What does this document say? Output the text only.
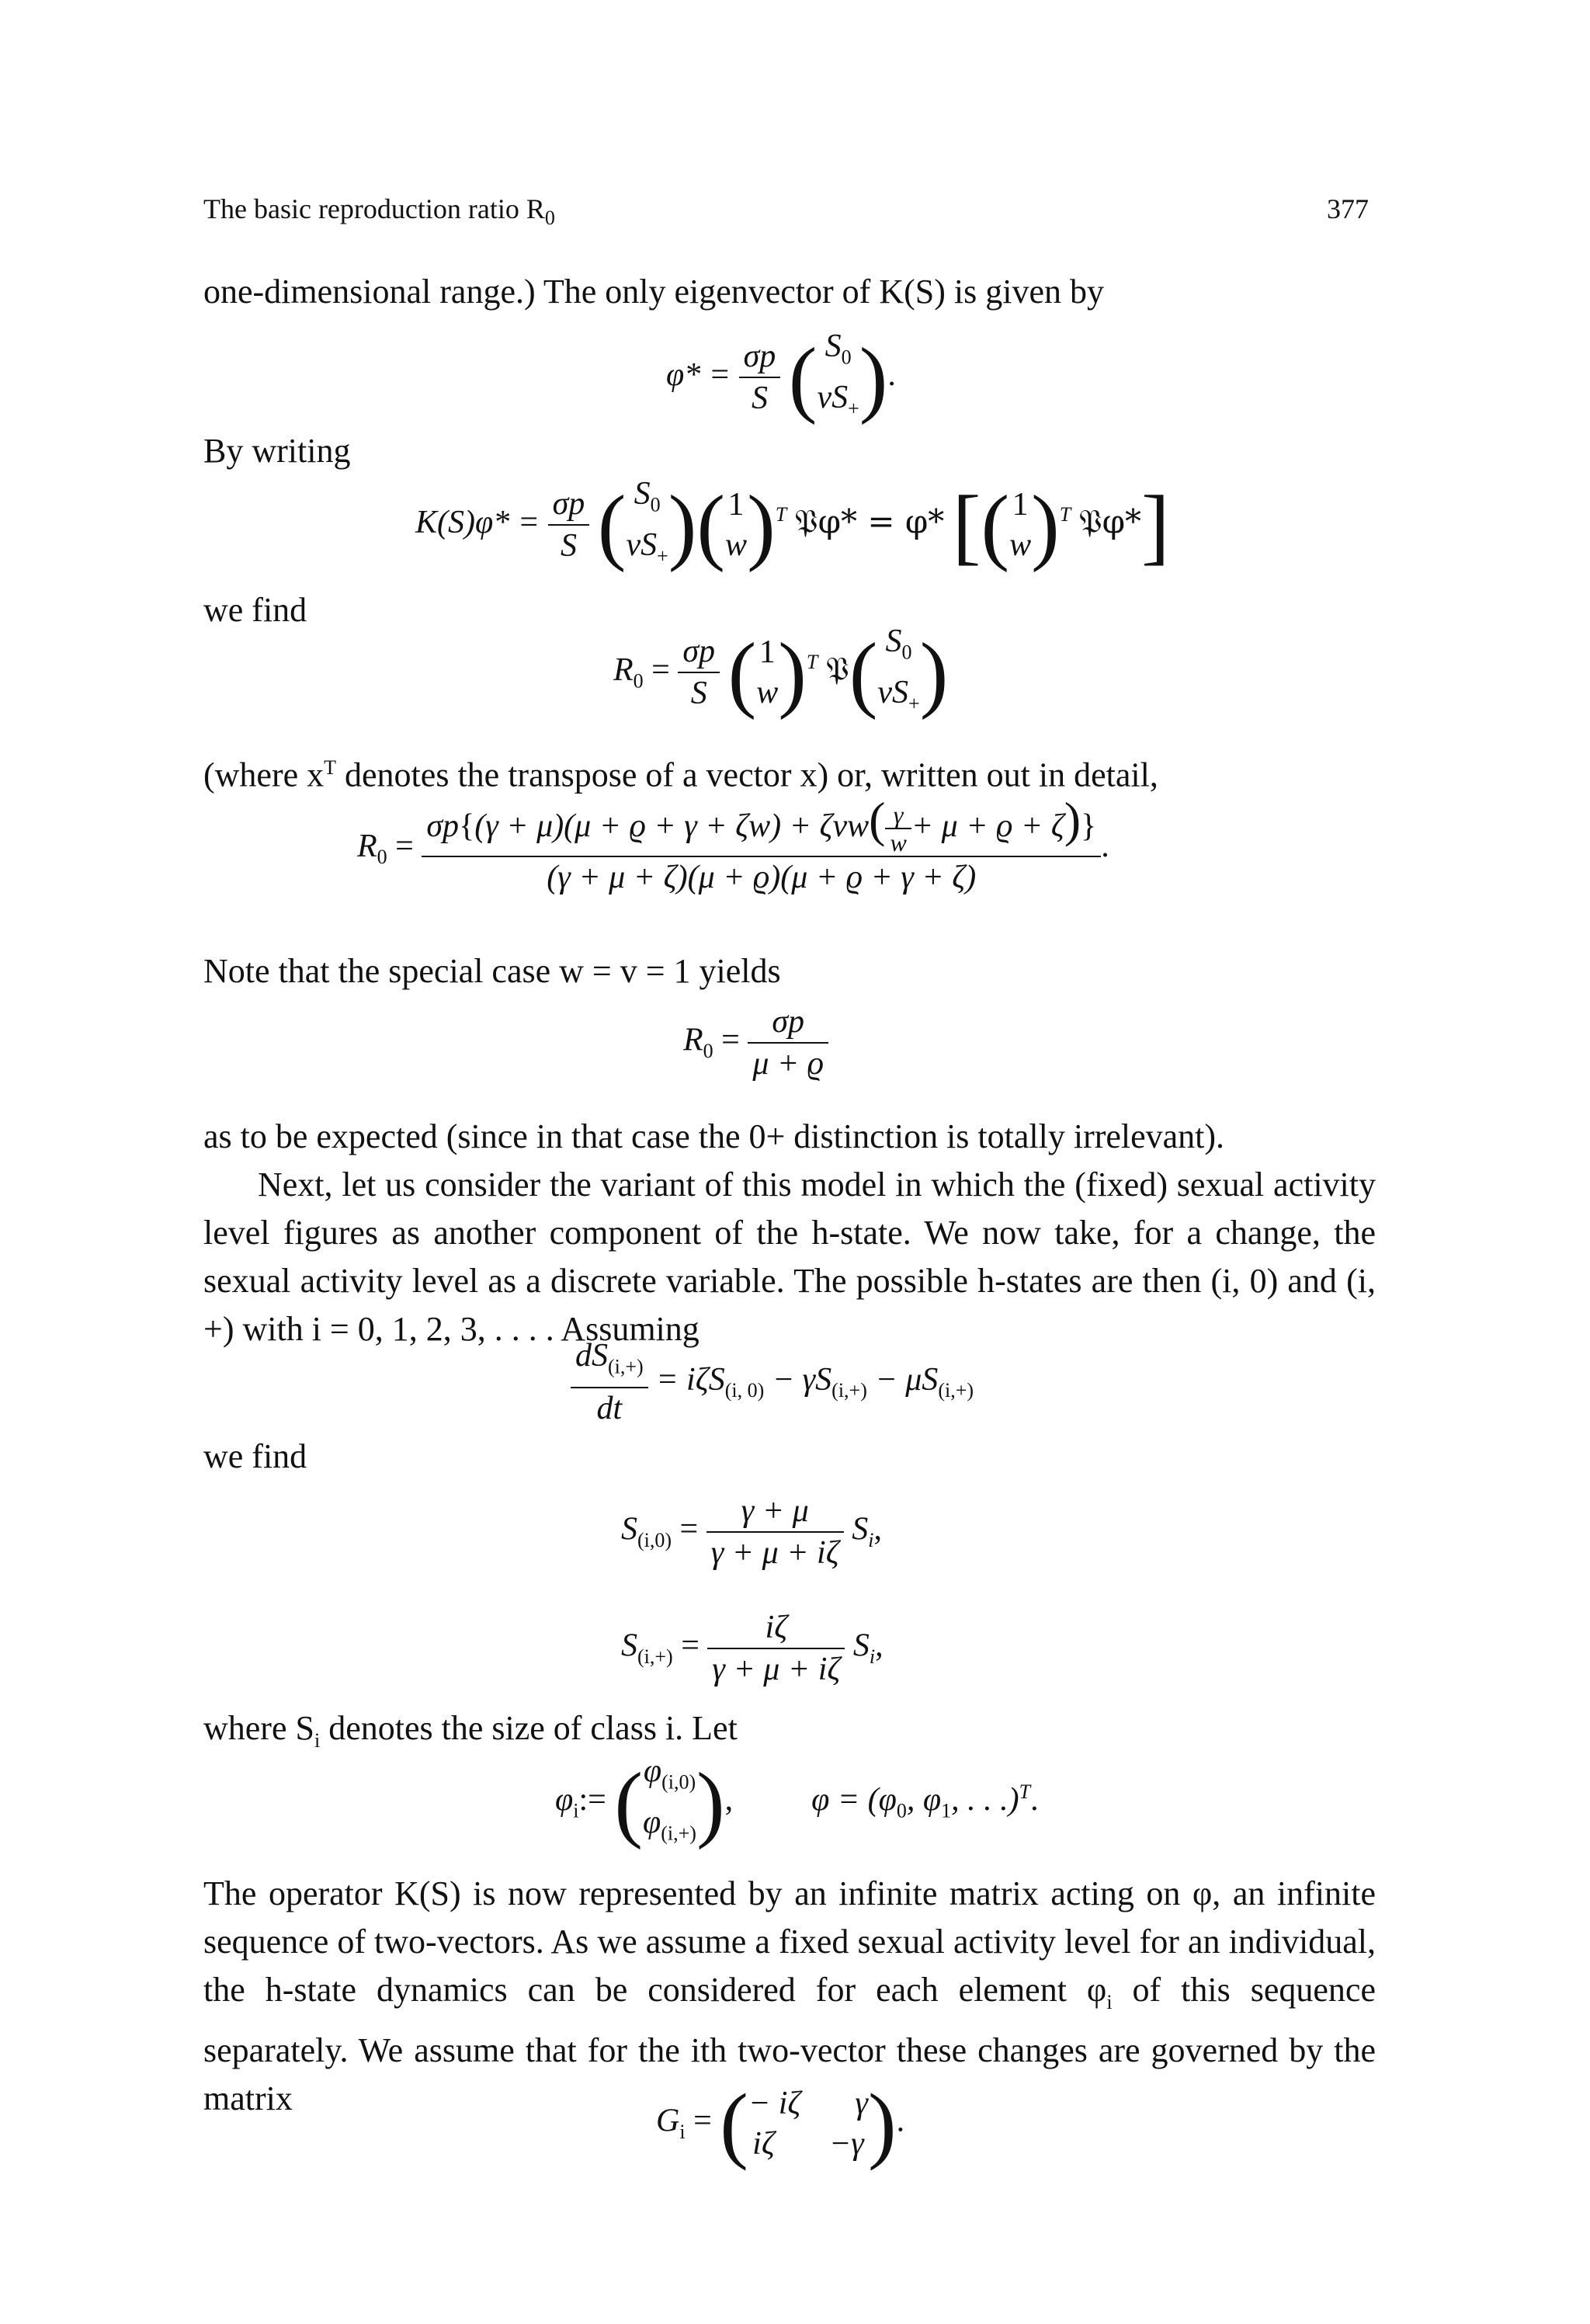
The basic reproduction ratio $R_0$	377

one-dimensional range.) The only eigenvector of K(S) is given by

$\varphi* = \frac{\sigma p}{S}$ ( $S_0$
$vS_+$).
By writing
$K(S)\varphi* = \frac{\sigma p}{S}$ ( $S_0$
$vS_+)(1$
w)$^T$ 𝔓φ* = φ* [(1
w)$^T$ 𝔓φ*]
we find
$R_0 = \frac{\sigma p}{S} (1$
w)$^T$ 𝔓( $S_0$
$vS_+$)

(where $x^T$ denotes the transpose of a vector x) or, written out in detail,

$R_0 = \frac{\sigma p\{(\gamma + \mu)(\mu + ϱ + \gamma + \zeta w) + \zeta vw( \frac{\gamma}{w} + \mu + ϱ + \zeta)\}}{(\gamma + \mu + \zeta)(\mu + ϱ)(\mu + ϱ + \gamma + \zeta)}$ .

Note that the special case w = v = 1 yields

$R_0 = \frac{\sigma p}{\mu + ϱ}$

as to be expected (since in that case the 0+ distinction is totally irrelevant).

Next, let us consider the variant of this model in which the (fixed) sexual activity level figures as another component of the h-state. We now take, for a change, the sexual activity level as a discrete variable. The possible h-states are then (i, 0) and (i, +) with i = 0, 1, 2, 3, . . . . Assuming

$\frac{dS_{(i,+)}}{dt} = i\zeta S_{(i, 0)} - \gamma S_{(i,+)} - \mu S_{(i,+)}$
we find
$S_{(i,0)} = \frac{\gamma + \mu}{\gamma + \mu + i\zeta} S_i$,
$S_{(i,+)} = \frac{i\zeta}{\gamma + \mu + i\zeta} S_i$,

where $S_i$ denotes the size of class i. Let

$\varphi_i:= (\varphi_{(i,0)}$
$\varphi_{(i,+)}$), $\varphi = (\varphi_0$, $\varphi_1$, . . .)$^T$.

The operator K(S) is now represented by an infinite matrix acting on φ, an infinite sequence of two-vectors. As we assume a fixed sexual activity level for an individual, the h-state dynamics can be considered for each element $\varphi_i$ of this sequence separately. We assume that for the ith two-vector these changes are governed by the matrix

$G_i$ = (− iζ γ
iζ −γ).
